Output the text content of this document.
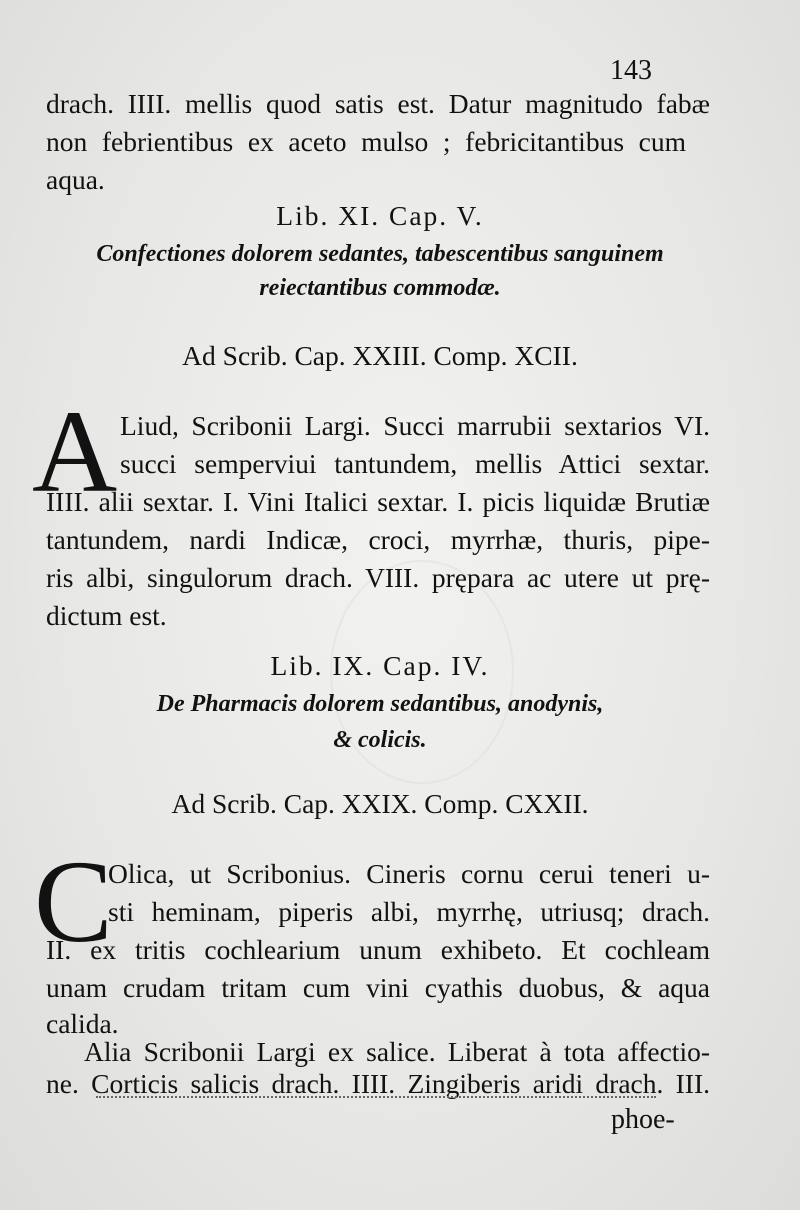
143
drach. IIII. mellis quod satis est. Datur magnitudo fabæ
non febrientibus ex aceto mulso ; febricitantibus cum
aqua.
Lib. XI. Cap. V.
Confectiones dolorem sedantes, tabescentibus sanguinem
reiectantibus commodæ.
Ad Scrib. Cap. XXIII. Comp. XCII.
A Liud, Scribonii Largi. Succi marrubii sextarios VI.
succi semperviui tantundem, mellis Attici sextar.
IIII. alii sextar. I. Vini Italici sextar. I. picis liquidæ Brutiæ
tantundem, nardi Indicæ, croci, myrrhæ, thuris, pipe-
ris albi, singulorum drach. VIII. prępara ac utere ut prę-
dictum est.
Lib. IX. Cap. IV.
De Pharmacis dolorem sedantibus, anodynis,
& colicis.
Ad Scrib. Cap. XXIX. Comp. CXXII.
C
Olica, ut Scribonius. Cineris cornu cerui teneri u-
sti heminam, piperis albi, myrrhę, utriusq; drach.
II. ex tritis cochlearium unum exhibeto. Et cochleam
unam crudam tritam cum vini cyathis duobus, & aqua
calida.
Alia Scribonii Largi ex salice. Liberat à tota affectio-
ne. Corticis salicis drach. IIII. Zingiberis aridi drach. III.
phoe-
